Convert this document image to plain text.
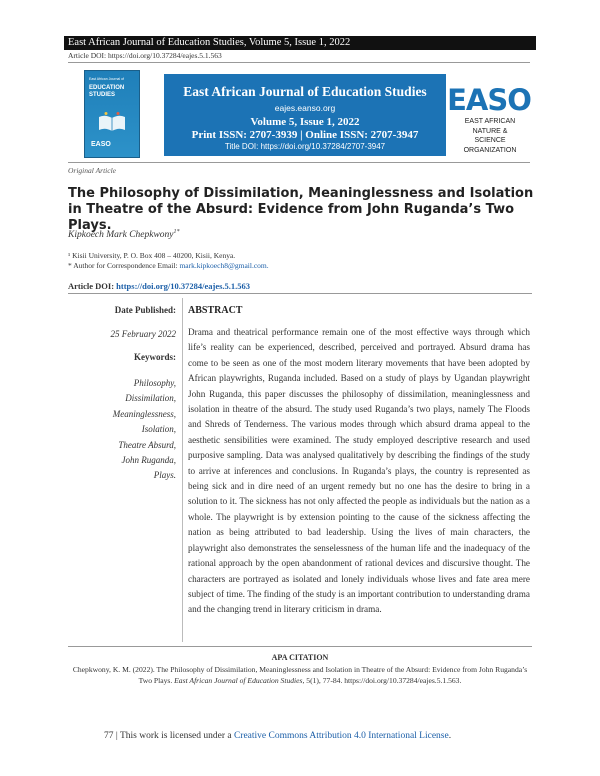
East African Journal of Education Studies, Volume 5, Issue 1, 2022
Article DOI: https://doi.org/10.37284/eajes.5.1.563
East African Journal of
EDUCATION STUDIES
EASO
East African Journal of Education Studies
eajes.eanso.org
Volume 5, Issue 1, 2022
Print ISSN: 2707-3939 | Online ISSN: 2707-3947
Title DOI: https://doi.org/10.37284/2707-3947
EASO
EAST AFRICAN
NATURE &
SCIENCE
ORGANIZATION
Original Article
The Philosophy of Dissimilation, Meaninglessness and Isolation in Theatre of the Absurd: Evidence from John Ruganda’s Two Plays.
Kipkoech Mark Chepkwony$^{1*}$
¹ Kisii University, P. O. Box 408 – 40200, Kisii, Kenya.
* Author for Correspondence Email: mark.kipkoech8@gmail.com.
Article DOI: https://doi.org/10.37284/eajes.5.1.563
Date Published:
25 February 2022
Keywords:
Philosophy,
Dissimilation,
Meaninglessness,
Isolation,
Theatre Absurd,
John Ruganda,
Plays.
ABSTRACT
Drama and theatrical performance remain one of the most effective ways through which life’s reality can be experienced, described, perceived and portrayed. Absurd drama has come to be seen as one of the most modern literary movements that have been adopted by African playwrights, Ruganda included. Based on a study of plays by Ugandan playwright John Ruganda, this paper discusses the philosophy of dissimilation, meaninglessness and isolation in theatre of the absurd. The study used Ruganda’s two plays, namely The Floods and Shreds of Tenderness. The various modes through which absurd drama appeal to the aesthetic sensibilities were examined. The study employed descriptive research and used purposive sampling. Data was analysed qualitatively by describing the findings of the study to arrive at inferences and conclusions. In Ruganda’s plays, the country is represented as being sick and in dire need of an urgent remedy but no one has the desire to bring in a solution to it. The sickness has not only affected the people as individuals but the nation as a whole. The playwright is by extension pointing to the cause of the sickness affecting the nation as being attributed to bad leadership. Using the lives of main characters, the playwright also demonstrates the senselessness of the human life and the inadequacy of the rational approach by the open abandonment of rational devices and discursive thought. The characters are portrayed as isolated and lonely individuals whose lives and fate area mere subject of time. The finding of the study is an important contribution to understanding drama and the changing trend in literary criticism in drama.
APA CITATION
Chepkwony, K. M. (2022). The Philosophy of Dissimilation, Meaninglessness and Isolation in Theatre of the Absurd: Evidence from John Ruganda’s Two Plays. East African Journal of Education Studies, 5(1), 77-84. https://doi.org/10.37284/eajes.5.1.563.
77 | This work is licensed under a Creative Commons Attribution 4.0 International License.
